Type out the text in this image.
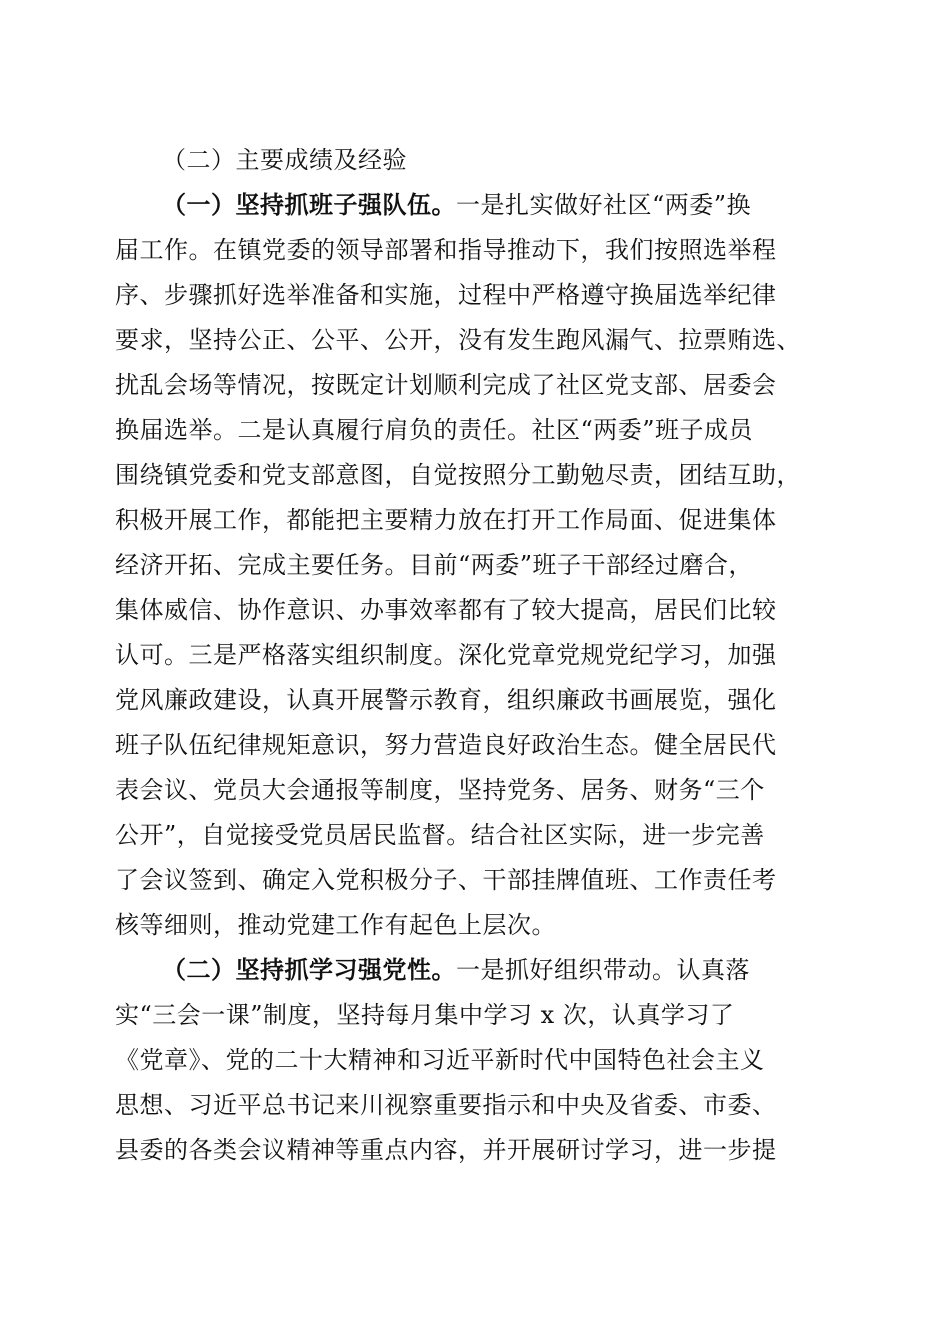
（二）主要成绩及经验
（一）坚持抓班子强队伍。一是扎实做好社区“两委”换
届工作。在镇党委的领导部署和指导推动下，我们按照选举程
序、步骤抓好选举准备和实施，过程中严格遵守换届选举纪律
要求，坚持公正、公平、公开，没有发生跑风漏气、拉票贿选、
扰乱会场等情况，按既定计划顺利完成了社区党支部、居委会
换届选举。二是认真履行肩负的责任。社区“两委”班子成员
围绕镇党委和党支部意图，自觉按照分工勤勉尽责，团结互助，
积极开展工作，都能把主要精力放在打开工作局面、促进集体
经济开拓、完成主要任务。目前“两委”班子干部经过磨合，
集体威信、协作意识、办事效率都有了较大提高，居民们比较
认可。三是严格落实组织制度。深化党章党规党纪学习，加强
党风廉政建设，认真开展警示教育，组织廉政书画展览，强化
班子队伍纪律规矩意识，努力营造良好政治生态。健全居民代
表会议、党员大会通报等制度，坚持党务、居务、财务“三个
公开”，自觉接受党员居民监督。结合社区实际，进一步完善
了会议签到、确定入党积极分子、干部挂牌值班、工作责任考
核等细则，推动党建工作有起色上层次。
（二）坚持抓学习强党性。一是抓好组织带动。认真落
实“三会一课”制度，坚持每月集中学习 x 次，认真学习了
《党章》、党的二十大精神和习近平新时代中国特色社会主义
思想、习近平总书记来川视察重要指示和中央及省委、市委、
县委的各类会议精神等重点内容，并开展研讨学习，进一步提
